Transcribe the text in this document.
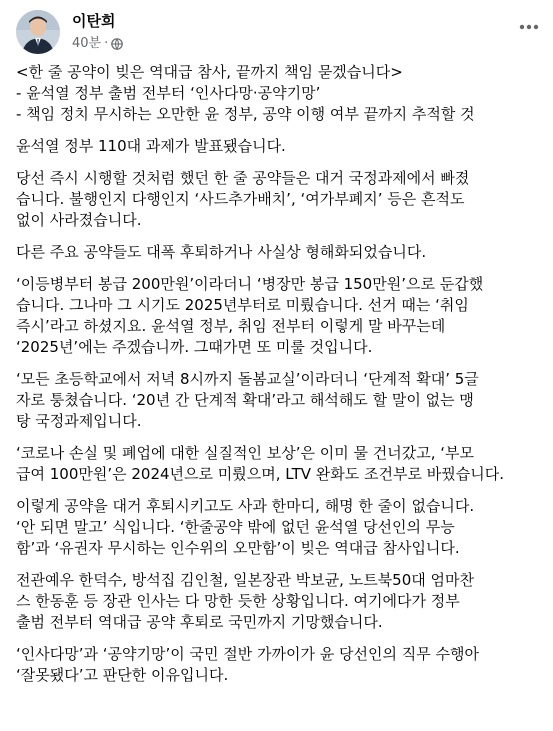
이탄희
40분 ·
<한 줄 공약이 빚은 역대급 참사, 끝까지 책임 묻겠습니다>
- 윤석열 정부 출범 전부터 ‘인사다망·공약기망’
- 책임 정치 무시하는 오만한 윤 정부, 공약 이행 여부 끝까지 추적할 것
윤석열 정부 110대 과제가 발표됐습니다.
당선 즉시 시행할 것처럼 했던 한 줄 공약들은 대거 국정과제에서 빠졌
습니다. 불행인지 다행인지 ‘사드추가배치’, ‘여가부폐지’ 등은 흔적도
없이 사라졌습니다.
다른 주요 공약들도 대폭 후퇴하거나 사실상 형해화되었습니다.
‘이등병부터 봉급 200만원’이라더니 ‘병장만 봉급 150만원’으로 둔갑했
습니다. 그나마 그 시기도 2025년부터로 미뤘습니다. 선거 때는 ‘취임
즉시’라고 하셨지요. 윤석열 정부, 취임 전부터 이렇게 말 바꾸는데
‘2025년’에는 주겠습니까. 그때가면 또 미룰 것입니다.
‘모든 초등학교에서 저녁 8시까지 돌봄교실’이라더니 ‘단계적 확대’ 5글
자로 퉁쳤습니다. ‘20년 간 단계적 확대’라고 해석해도 할 말이 없는 맹
탕 국정과제입니다.
‘코로나 손실 및 폐업에 대한 실질적인 보상’은 이미 물 건너갔고, ‘부모
급여 100만원’은 2024년으로 미뤘으며, LTV 완화도 조건부로 바꿨습니다.
이렇게 공약을 대거 후퇴시키고도 사과 한마디, 해명 한 줄이 없습니다.
‘안 되면 말고’ 식입니다. ‘한줄공약 밖에 없던 윤석열 당선인의 무능
함’과 ‘유권자 무시하는 인수위의 오만함’이 빚은 역대급 참사입니다.
전관예우 한덕수, 방석집 김인철, 일본장관 박보균, 노트북50대 엄마찬
스 한동훈 등 장관 인사는 다 망한 듯한 상황입니다. 여기에다가 정부
출범 전부터 역대급 공약 후퇴로 국민까지 기망했습니다.
‘인사다망’과 ‘공약기망’이 국민 절반 가까이가 윤 당선인의 직무 수행아
‘잘못됐다’고 판단한 이유입니다.
